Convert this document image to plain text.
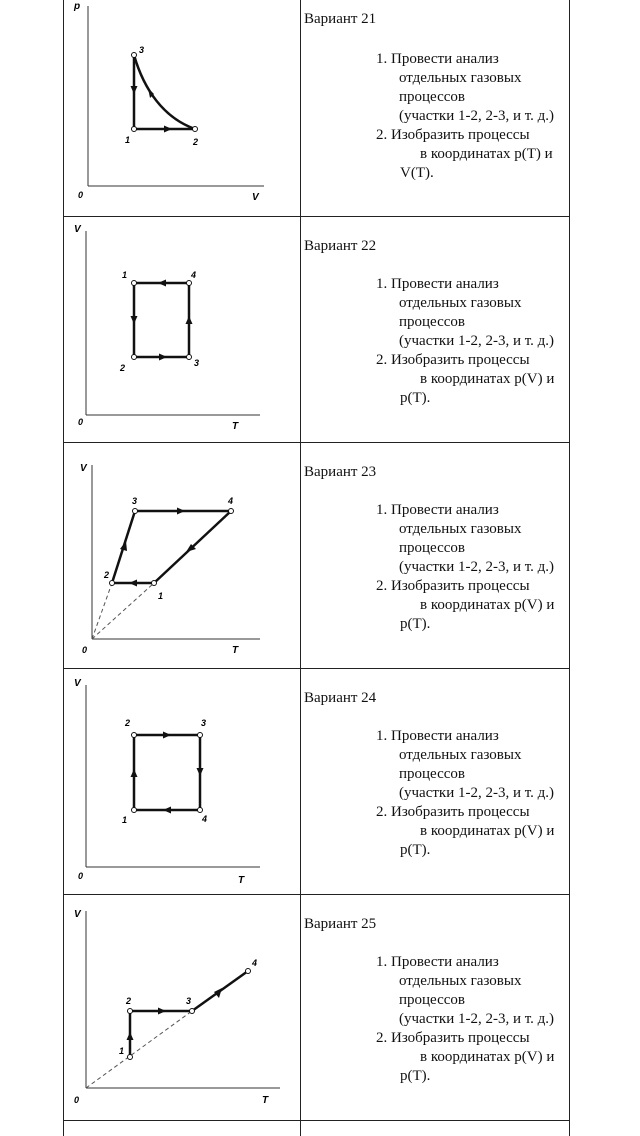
p
V
0
1	2
3
Вариант 21
1. Провести анализ
отдельных газовых
процессов
(участки 1-2, 2-3, и т. д.)
2. Изобразить процессы
в координатах p(T) и
V(T).
V
T
0
1
2	3
4
Вариант 22
1. Провести анализ
отдельных газовых
процессов
(участки 1-2, 2-3, и т. д.)
2. Изобразить процессы
в координатах p(V) и
p(T).
V
T
0
1
2
3	4
Вариант 23
1. Провести анализ
отдельных газовых
процессов
(участки 1-2, 2-3, и т. д.)
2. Изобразить процессы
в координатах p(V) и
p(T).
V
T
0
1
2	3
4
Вариант 24
1. Провести анализ
отдельных газовых
процессов
(участки 1-2, 2-3, и т. д.)
2. Изобразить процессы
в координатах p(V) и
p(T).
V
T
0
1
2	3
4
Вариант 25
1. Провести анализ
отдельных газовых
процессов
(участки 1-2, 2-3, и т. д.)
2. Изобразить процессы
в координатах p(V) и
p(T).
